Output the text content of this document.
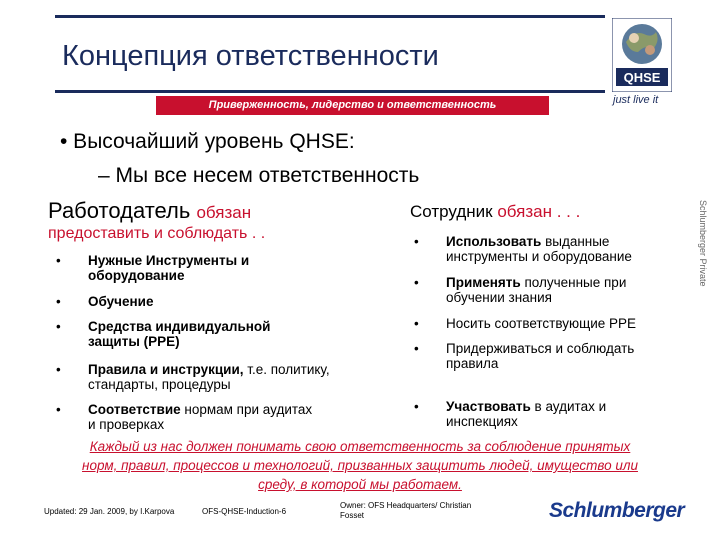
Концепция ответственности
Приверженность, лидерство и ответственность
QHSE
just live it
Schlumberger Private
• Высочайший уровень QHSE:
– Мы все несем ответственность
Работодатель обязан
предоставить и соблюдать . .
Сотрудник обязан . . .
• Нужные Инструменты и оборудование
• Обучение
• Средства индивидуальной защиты (PPE)
• Правила и инструкции, т.е. политику, стандарты, процедуры
• Соответствие нормам при аудитах и проверках
• Использовать выданные инструменты и оборудование
• Применять полученные при обучении знания
• Носить соответствующие PPE
• Придерживаться и соблюдать правила
• Участвовать в аудитах и инспекциях
Каждый из нас должен понимать свою ответственность за соблюдение принятых
норм, правил, процессов и технологий, призванных защитить людей, имущество или
среду, в которой мы работаем.
Updated: 29 Jan. 2009, by I.Karpova	OFS-QHSE-Induction-6
Owner: OFS Headquarters/ Christian Fosset	Schlumberger
